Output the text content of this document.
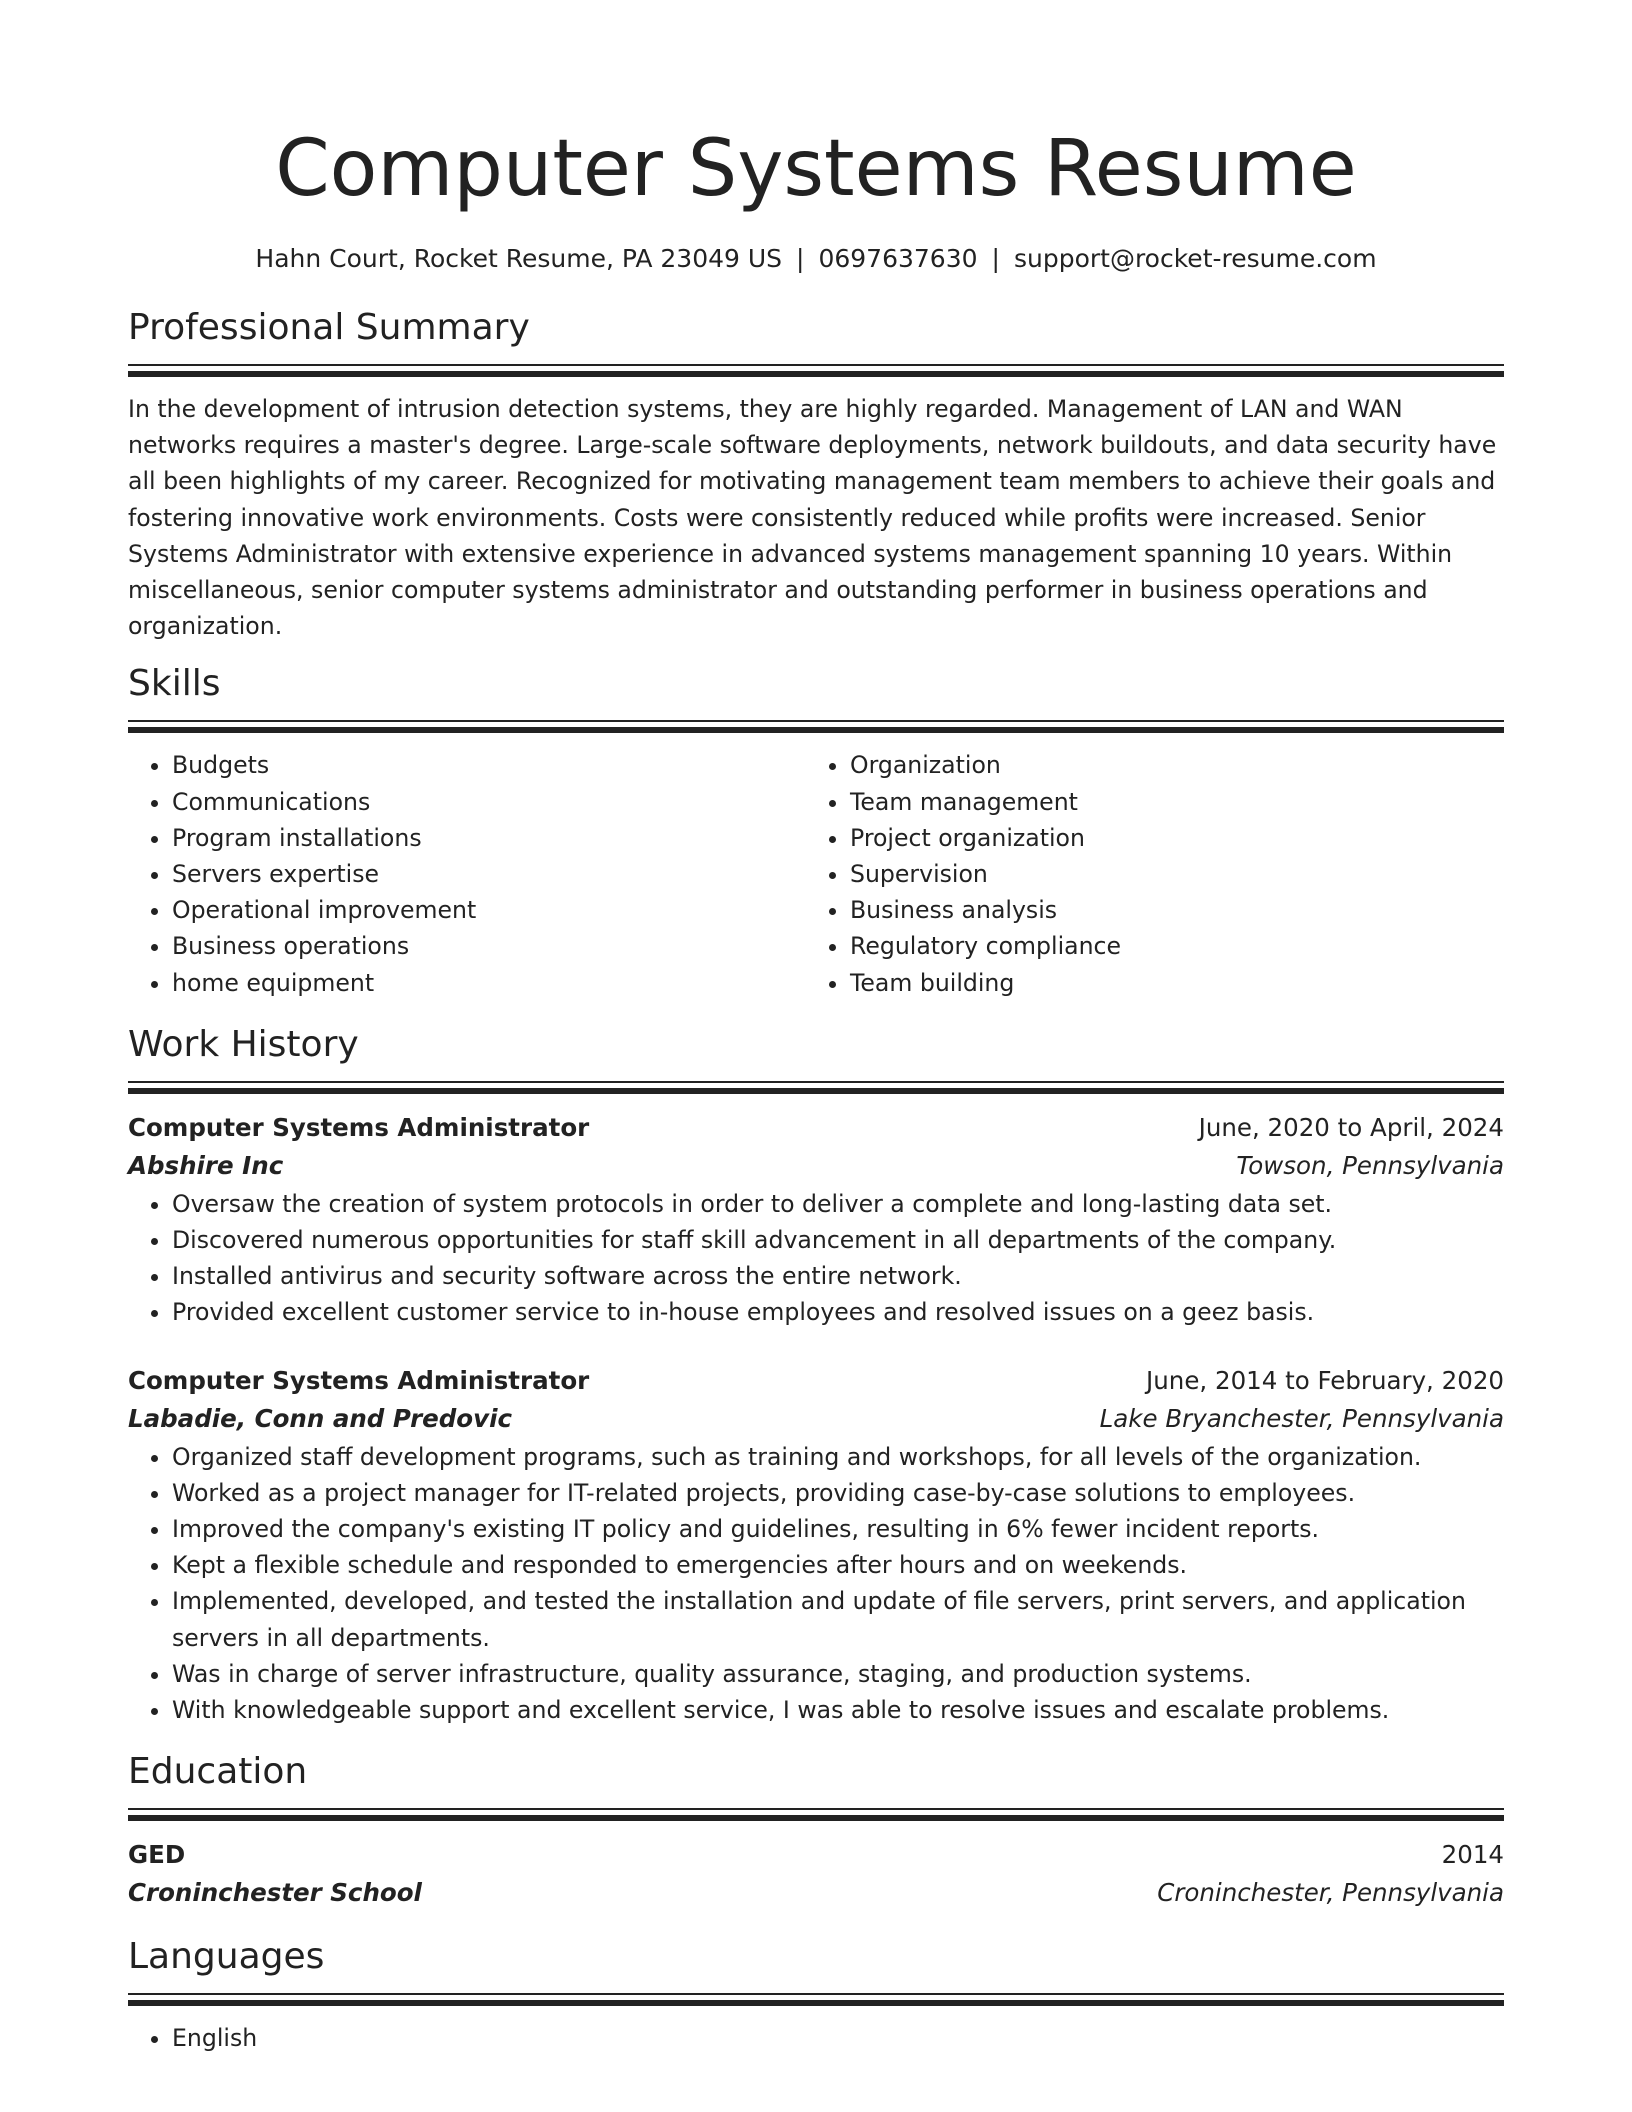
Computer Systems Resume
Hahn Court, Rocket Resume, PA 23049 US | 0697637630 | support@rocket-resume.com
Professional Summary
In the development of intrusion detection systems, they are highly regarded. Management of LAN and WAN networks requires a master's degree. Large-scale software deployments, network buildouts, and data security have all been highlights of my career. Recognized for motivating management team members to achieve their goals and fostering innovative work environments. Costs were consistently reduced while profits were increased. Senior Systems Administrator with extensive experience in advanced systems management spanning 10 years. Within miscellaneous, senior computer systems administrator and outstanding performer in business operations and organization.
Skills
• Budgets
• Communications
• Program installations
• Servers expertise
• Operational improvement
• Business operations
• home equipment
• Organization
• Team management
• Project organization
• Supervision
• Business analysis
• Regulatory compliance
• Team building
Work History
Computer Systems Administrator	June, 2020 to April, 2024
Abshire Inc	Towson, Pennsylvania
• Oversaw the creation of system protocols in order to deliver a complete and long-lasting data set.
• Discovered numerous opportunities for staff skill advancement in all departments of the company.
• Installed antivirus and security software across the entire network.
• Provided excellent customer service to in-house employees and resolved issues on a geez basis.
Computer Systems Administrator	June, 2014 to February, 2020
Labadie, Conn and Predovic	Lake Bryanchester, Pennsylvania
• Organized staff development programs, such as training and workshops, for all levels of the organization.
• Worked as a project manager for IT-related projects, providing case-by-case solutions to employees.
• Improved the company's existing IT policy and guidelines, resulting in 6% fewer incident reports.
• Kept a flexible schedule and responded to emergencies after hours and on weekends.
• Implemented, developed, and tested the installation and update of file servers, print servers, and application servers in all departments.
• Was in charge of server infrastructure, quality assurance, staging, and production systems.
• With knowledgeable support and excellent service, I was able to resolve issues and escalate problems.
Education
GED	2014
Croninchester School	Croninchester, Pennsylvania
Languages
• English
